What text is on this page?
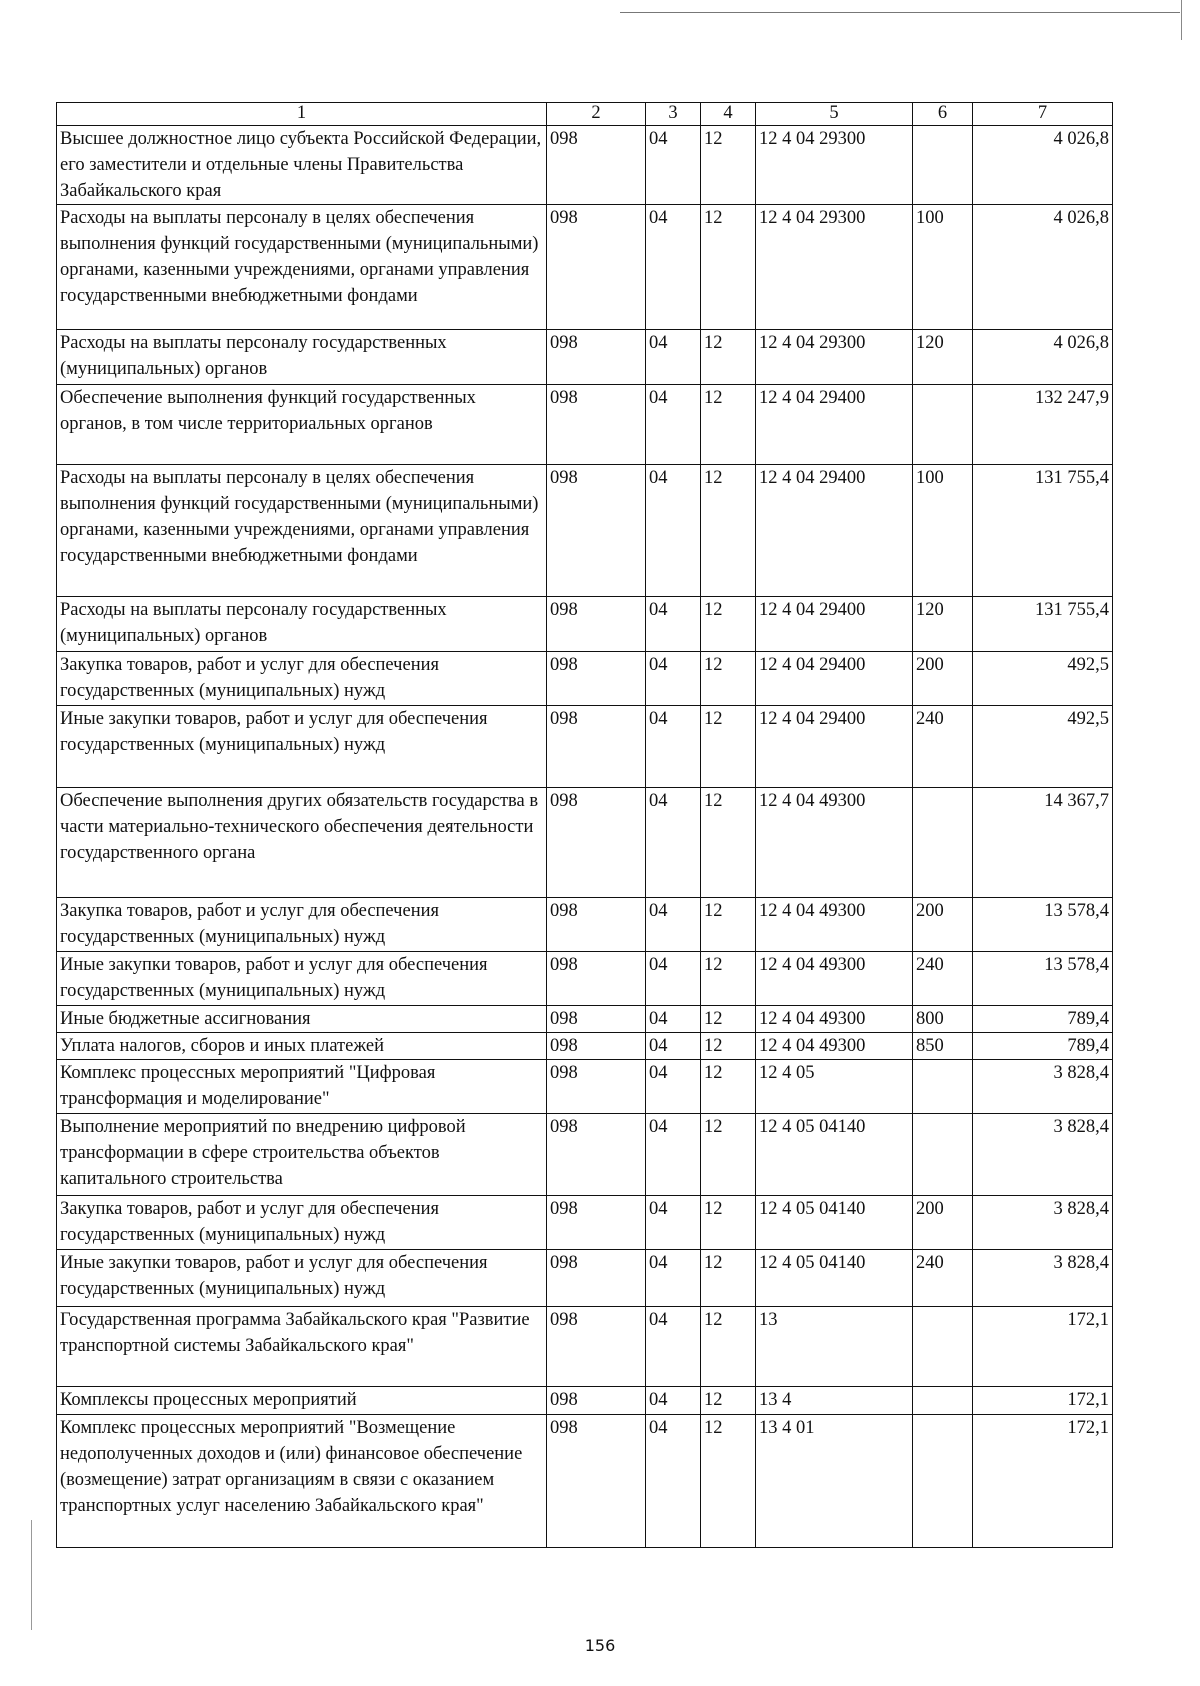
1	2	3	4	5	6	7
Высшее должностное лицо субъекта Российской Федерации, его заместители и отдельные члены Правительства Забайкальского края	098	04	12	12 4 04 29300		4 026,8
Расходы на выплаты персоналу в целях обеспечения выполнения функций государственными (муниципальными) органами, казенными учреждениями, органами управления государственными внебюджетными фондами	098	04	12	12 4 04 29300	100	4 026,8
Расходы на выплаты персоналу государственных (муниципальных) органов	098	04	12	12 4 04 29300	120	4 026,8
Обеспечение выполнения функций государственных органов, в том числе территориальных органов	098	04	12	12 4 04 29400		132 247,9
Расходы на выплаты персоналу в целях обеспечения выполнения функций государственными (муниципальными) органами, казенными учреждениями, органами управления государственными внебюджетными фондами	098	04	12	12 4 04 29400	100	131 755,4
Расходы на выплаты персоналу государственных (муниципальных) органов	098	04	12	12 4 04 29400	120	131 755,4
Закупка товаров, работ и услуг для обеспечения государственных (муниципальных) нужд	098	04	12	12 4 04 29400	200	492,5
Иные закупки товаров, работ и услуг для обеспечения государственных (муниципальных) нужд	098	04	12	12 4 04 29400	240	492,5
Обеспечение выполнения других обязательств государства в части материально-технического обеспечения деятельности государственного органа	098	04	12	12 4 04 49300		14 367,7
Закупка товаров, работ и услуг для обеспечения государственных (муниципальных) нужд	098	04	12	12 4 04 49300	200	13 578,4
Иные закупки товаров, работ и услуг для обеспечения государственных (муниципальных) нужд	098	04	12	12 4 04 49300	240	13 578,4
Иные бюджетные ассигнования	098	04	12	12 4 04 49300	800	789,4
Уплата налогов, сборов и иных платежей	098	04	12	12 4 04 49300	850	789,4
Комплекс процессных мероприятий "Цифровая трансформация и моделирование"	098	04	12	12 4 05		3 828,4
Выполнение мероприятий по внедрению цифровой трансформации в сфере строительства объектов капитального строительства	098	04	12	12 4 05 04140		3 828,4
Закупка товаров, работ и услуг для обеспечения государственных (муниципальных) нужд	098	04	12	12 4 05 04140	200	3 828,4
Иные закупки товаров, работ и услуг для обеспечения государственных (муниципальных) нужд	098	04	12	12 4 05 04140	240	3 828,4
Государственная программа Забайкальского края "Развитие транспортной системы Забайкальского края"	098	04	12	13		172,1
Комплексы процессных мероприятий	098	04	12	13 4		172,1
Комплекс процессных мероприятий "Возмещение недополученных доходов и (или) финансовое обеспечение (возмещение) затрат организациям в связи с оказанием транспортных услуг населению Забайкальского края"	098	04	12	13 4 01		172,1
156
